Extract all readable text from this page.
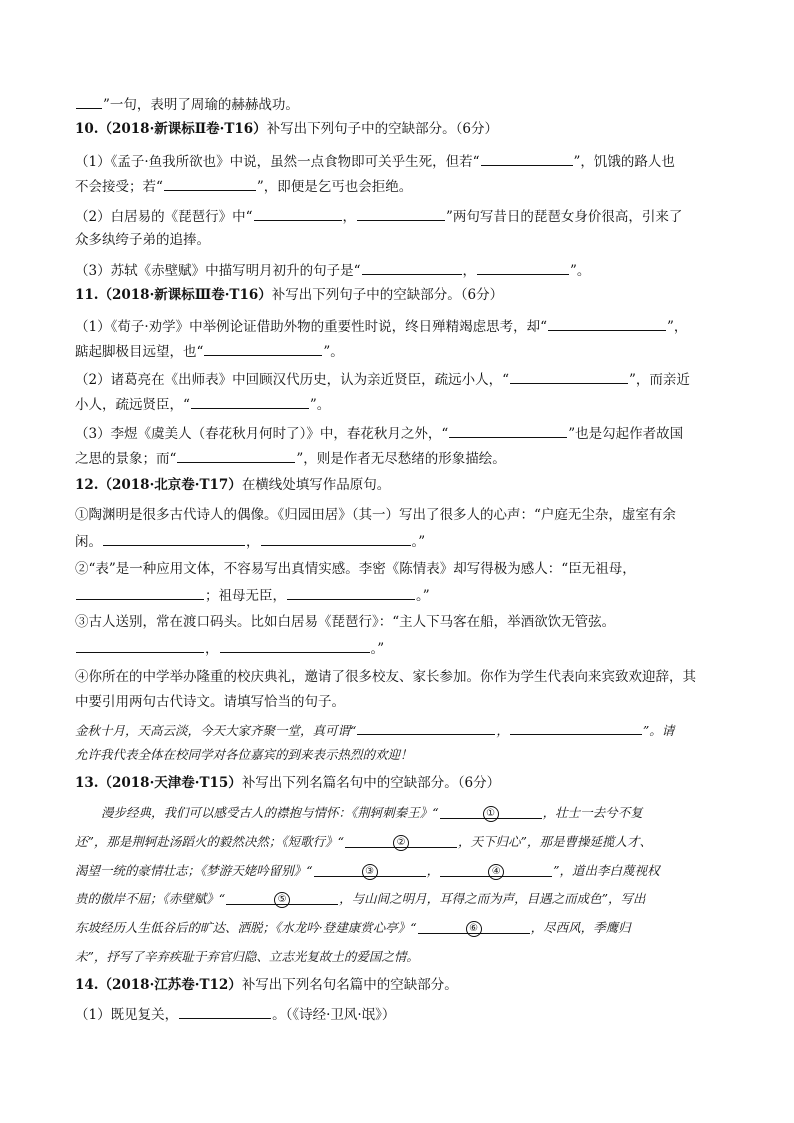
”一句，表明了周瑜的赫赫战功。
10.（2018·新课标Ⅱ卷·T16）补写出下列句子中的空缺部分。（6分）
（1）《孟子·鱼我所欲也》中说，虽然一点食物即可关乎生死，但若“	”，饥饿的路人也
不会接受；若“	”，即便是乞丐也会拒绝。
（2）白居易的《琵琶行》中“	，	”两句写昔日的琵琶女身价很高，引来了
众多纨绔子弟的追捧。
（3）苏轼《赤壁赋》中描写明月初升的句子是“	，	”。
11.（2018·新课标Ⅲ卷·T16）补写出下列句子中的空缺部分。（6分）
（1）《荀子·劝学》中举例论证借助外物的重要性时说，终日殚精竭虑思考，却“	”，
踮起脚极目远望，也“	”。
（2）诸葛亮在《出师表》中回顾汉代历史，认为亲近贤臣，疏远小人，“	”，而亲近
小人，疏远贤臣，“	”。
（3）李煜《虞美人（春花秋月何时了）》中，春花秋月之外，“	”也是勾起作者故国
之思的景象；而“	”，则是作者无尽愁绪的形象描绘。
12.（2018·北京卷·T17）在横线处填写作品原句。
①陶渊明是很多古代诗人的偶像。《归园田居》（其一）写出了很多人的心声：“户庭无尘杂，虚室有余
闲。	，	。”
②“表”是一种应用文体，不容易写出真情实感。李密《陈情表》却写得极为感人：“臣无祖母，
；祖母无臣，	。”
③古人送别，常在渡口码头。比如白居易《琵琶行》：“主人下马客在船，举酒欲饮无管弦。
，	。”
④你所在的中学举办隆重的校庆典礼，邀请了很多校友、家长参加。你作为学生代表向来宾致欢迎辞，其
中要引用两句古代诗文。请填写恰当的句子。
金秋十月，天高云淡，今天大家齐聚一堂，真可谓“	，	”。请
允许我代表全体在校同学对各位嘉宾的到来表示热烈的欢迎！
13.（2018·天津卷·T15）补写出下列名篇名句中的空缺部分。（6分）
漫步经典，我们可以感受古人的襟抱与情怀：《荆轲刺秦王》“	①	，壮士一去兮不复
还”，那是荆轲赴汤蹈火的毅然决然；《短歌行》“	②	，天下归心”，那是曹操延揽人才、
渴望一统的豪情壮志；《梦游天姥吟留别》“	③	，	④	”，道出李白蔑视权
贵的傲岸不屈；《赤壁赋》“	⑤	，与山间之明月，耳得之而为声，目遇之而成色”，写出
东坡经历人生低谷后的旷达、洒脱；《水龙吟·登建康赏心亭》“	⑥	，尽西风，季鹰归
未”，抒写了辛弃疾耻于弃官归隐、立志光复故土的爱国之情。
14.（2018·江苏卷·T12）补写出下列名句名篇中的空缺部分。
（1）既见复关，	。（《诗经·卫风·氓》）
